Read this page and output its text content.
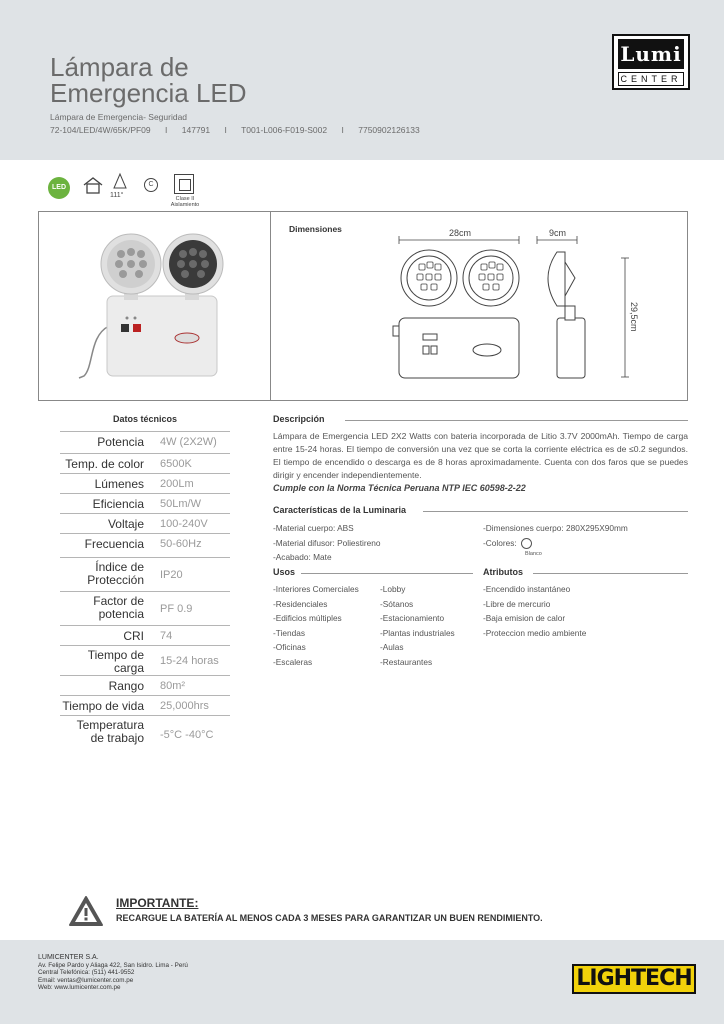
Lámpara de
Emergencia LED
Lámpara de Emergencia- Seguridad
72-104/LED/4W/65K/PF09 I 147791 I T001-L006-F019-S002 I 7750902126133
Lumi
CENTER
LED
111°
C
Clase II
Aislamiento
Dimensiones	28cm	9cm
29,5cm
Datos técnicos
Potencia 4W (2X2W)
Temp. de color 6500K
Lúmenes 200Lm
Eficiencia 50Lm/W
Voltaje 100-240V
Frecuencia 50-60Hz
Índice de Protección IP20
Factor de potencia PF 0.9
CRI 74
Tiempo de carga 15-24 horas
Rango 80m²
Tiempo de vida 25,000hrs
Temperatura de trabajo -5°C -40°C
Descripción
Lámpara de Emergencia LED 2X2 Watts con bateria incorporada de Litio 3.7V 2000mAh. Tiempo de carga entre 15-24 horas. El tiempo de conversión una vez que se corta la corriente eléctrica es de ≤0.2 segundos. El tiempo de encendido o descarga es de 8 horas aproximadamente. Cuenta con dos faros que se puedes dirigir y encender independientemente.
Cumple con la Norma Técnica Peruana NTP IEC 60598-2-22
Características de la Luminaria
-Material cuerpo: ABS
-Material difusor: Poliestireno
-Acabado: Mate
-Dimensiones cuerpo: 280X295X90mm
-Colores:
Blanco
Usos	Atributos
-Interiores Comerciales
-Residenciales
-Edificios múltiples
-Tiendas
-Oficinas
-Escaleras
-Lobby
-Sótanos
-Estacionamiento
-Plantas industriales
-Aulas
-Restaurantes
-Encendido instantáneo
-Libre de mercurio
-Baja emision de calor
-Proteccion medio ambiente
IMPORTANTE:
RECARGUE LA BATERÍA AL MENOS CADA 3 MESES PARA GARANTIZAR UN BUEN RENDIMIENTO.
LUMICENTER S.A.
Av. Felipe Pardo y Aliaga 422, San Isidro. Lima - Perú
Central Telefónica: (511) 441-9552
Email: ventas@lumicenter.com.pe
Web: www.lumicenter.com.pe	LIGHTECH
